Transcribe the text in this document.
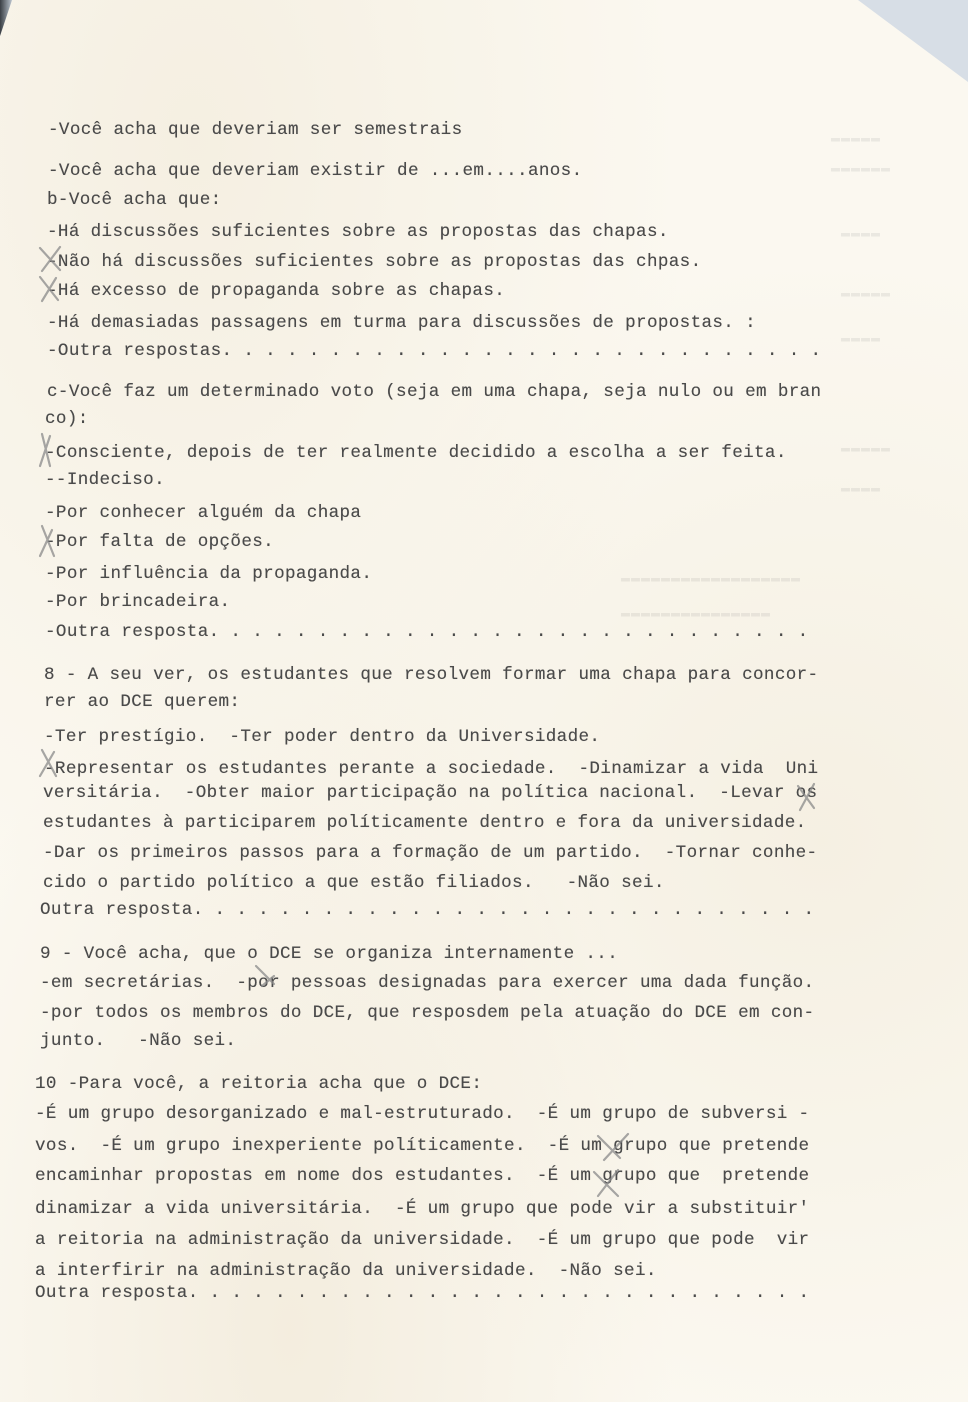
▬▬▬▬▬
▬▬▬▬▬▬
▬▬▬▬
▬▬▬▬▬
▬▬▬▬
▬▬▬▬▬
▬▬▬▬
▬▬▬▬▬▬▬▬▬▬▬▬▬▬▬▬▬▬
▬▬▬▬▬▬▬▬▬▬▬▬▬▬▬
-Você acha que deveriam ser semestrais
-Você acha que deveriam existir de ...em....anos.
b-Você acha que:
-Há discussões suficientes sobre as propostas das chapas.
-Não há discussões suficientes sobre as propostas das chpas.
-Há excesso de propaganda sobre as chapas.
-Há demasiadas passagens em turma para discussões de propostas. :
-Outra respostas. . . . . . . . . . . . . . . . . . . . . . . . . . . .
c-Você faz um determinado voto (seja em uma chapa, seja nulo ou em bran
co):
-Consciente, depois de ter realmente decidido a escolha a ser feita.
--Indeciso.
-Por conhecer alguém da chapa
-Por falta de opções.
-Por influência da propaganda.
-Por brincadeira.
-Outra resposta. . . . . . . . . . . . . . . . . . . . . . . . . . . .
8 - A seu ver, os estudantes que resolvem formar uma chapa para concor-
rer ao DCE querem:
-Ter prestígio.  -Ter poder dentro da Universidade.
-Representar os estudantes perante a sociedade.  -Dinamizar a vida  Uni
versitária.  -Obter maior participação na política nacional.  -Levar os
estudantes à participarem políticamente dentro e fora da universidade.
-Dar os primeiros passos para a formação de um partido.  -Tornar conhe-
cido o partido político a que estão filiados.   -Não sei.
Outra resposta. . . . . . . . . . . . . . . . . . . . . . . . . . . . .
9 - Você acha, que o DCE se organiza internamente ...
-em secretárias.  -por pessoas designadas para exercer uma dada função.
-por todos os membros do DCE, que resposdem pela atuação do DCE em con-
junto.   -Não sei.
10 -Para você, a reitoria acha que o DCE:
-É um grupo desorganizado e mal-estruturado.  -É um grupo de subversi -
vos.  -É um grupo inexperiente políticamente.  -É um grupo que pretende
encaminhar propostas em nome dos estudantes.  -É um grupo que  pretende
dinamizar a vida universitária.  -É um grupo que pode vir a substituir'
a reitoria na administração da universidade.  -É um grupo que pode  vir
a interfirir na administração da universidade.  -Não sei.
Outra resposta. . . . . . . . . . . . . . . . . . . . . . . . . . . . .
